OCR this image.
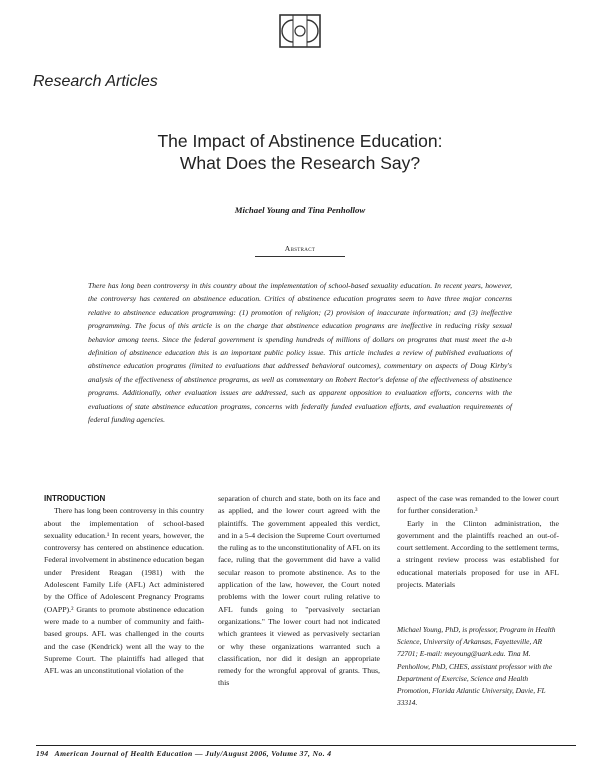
Research Articles
The Impact of Abstinence Education:
What Does the Research Say?
Michael Young and Tina Penhollow
Abstract

There has long been controversy in this country about the implementation of school-based sexuality education. In recent years, however, the controversy has centered on abstinence education. Critics of abstinence education programs seem to have three major concerns relative to abstinence education programming: (1) promotion of religion; (2) provision of inaccurate information; and (3) ineffective programming. The focus of this article is on the charge that abstinence education programs are ineffective in reducing risky sexual behavior among teens. Since the federal government is spending hundreds of millions of dollars on programs that must meet the a-h definition of abstinence education this is an important public policy issue. This article includes a review of published evaluations of abstinence education programs (limited to evaluations that addressed behavioral outcomes), commentary on aspects of Doug Kirby's analysis of the effectiveness of abstinence programs, as well as commentary on Robert Rector's defense of the effectiveness of abstinence programs. Additionally, other evaluation issues are addressed, such as apparent opposition to evaluation efforts, concerns with the evaluations of state abstinence education programs, concerns with federally funded evaluation efforts, and evaluation requirements of federal funding agencies.

INTRODUCTION

There has long been controversy in this country about the implementation of school-based sexuality education.¹ In recent years, however, the controversy has centered on abstinence education. Federal involvement in abstinence education began under President Reagan (1981) with the Adolescent Family Life (AFL) Act administered by the Office of Adolescent Pregnancy Programs (OAPP).² Grants to promote abstinence education were made to a number of community and faith-based groups. AFL was challenged in the courts and the case (Kendrick) went all the way to the Supreme Court. The plaintiffs had alleged that AFL was an unconstitutional violation of the

separation of church and state, both on its face and as applied, and the lower court agreed with the plaintiffs. The government appealed this verdict, and in a 5-4 decision the Supreme Court overturned the ruling as to the unconstitutionality of AFL on its face, ruling that the government did have a valid secular reason to promote abstinence. As to the application of the law, however, the Court noted problems with the lower court ruling relative to AFL funds going to "pervasively sectarian organizations." The lower court had not indicated which grantees it viewed as pervasively sectarian or why these organizations warranted such a classification, nor did it design an appropriate remedy for the wrongful approval of grants. Thus, this

aspect of the case was remanded to the lower court for further consideration.³

Early in the Clinton administration, the government and the plaintiffs reached an out-of-court settlement. According to the settlement terms, a stringent review process was established for educational materials proposed for use in AFL projects. Materials

Michael Young, PhD, is professor, Program in Health Science, University of Arkansas, Fayetteville, AR 72701; E-mail: meyoung@uark.edu. Tina M. Penhollow, PhD, CHES, assistant professor with the Department of Exercise, Science and Health Promotion, Florida Atlantic University, Davie, FL 33314.

194 American Journal of Health Education — July/August 2006, Volume 37, No. 4
